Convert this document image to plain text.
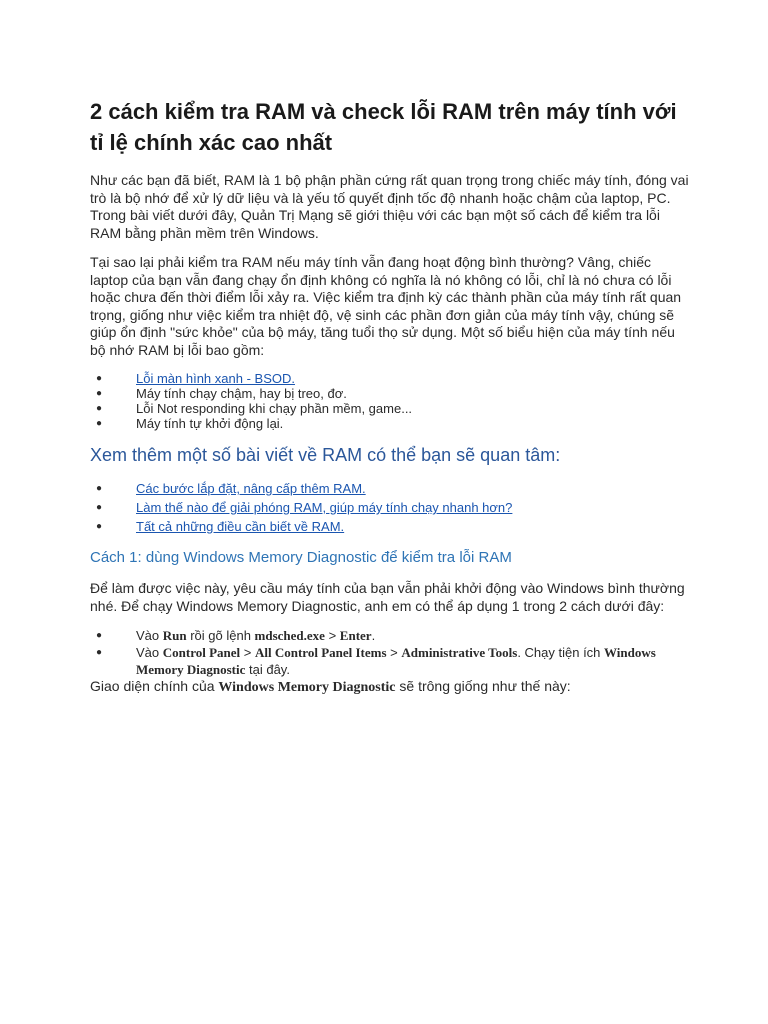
2 cách kiểm tra RAM và check lỗi RAM trên máy tính với tỉ lệ chính xác cao nhất

Như các bạn đã biết, RAM là 1 bộ phận phần cứng rất quan trọng trong chiếc máy tính, đóng vai trò là bộ nhớ để xử lý dữ liệu và là yếu tố quyết định tốc độ nhanh hoặc chậm của laptop, PC. Trong bài viết dưới đây, Quản Trị Mạng sẽ giới thiệu với các bạn một số cách để kiểm tra lỗi RAM bằng phần mềm trên Windows.

Tại sao lại phải kiểm tra RAM nếu máy tính vẫn đang hoạt động bình thường? Vâng, chiếc laptop của bạn vẫn đang chạy ổn định không có nghĩa là nó không có lỗi, chỉ là nó chưa có lỗi hoặc chưa đến thời điểm lỗi xảy ra. Việc kiểm tra định kỳ các thành phần của máy tính rất quan trọng, giống như việc kiểm tra nhiệt độ, vệ sinh các phần đơn giản của máy tính vậy, chúng sẽ giúp ổn định "sức khỏe" của bộ máy, tăng tuổi thọ sử dụng. Một số biểu hiện của máy tính nếu bộ nhớ RAM bị lỗi bao gồm:

●	Lỗi màn hình xanh - BSOD.
●	Máy tính chạy chậm, hay bị treo, đơ.
●	Lỗi Not responding khi chạy phần mềm, game...
●	Máy tính tự khởi động lại.
Xem thêm một số bài viết về RAM có thể bạn sẽ quan tâm:
●	Các bước lắp đặt, nâng cấp thêm RAM.
●	Làm thế nào để giải phóng RAM, giúp máy tính chạy nhanh hơn?
●	Tất cả những điều cần biết về RAM.
Cách 1: dùng Windows Memory Diagnostic để kiểm tra lỗi RAM

Để làm được việc này, yêu cầu máy tính của bạn vẫn phải khởi động vào Windows bình thường nhé. Để chạy Windows Memory Diagnostic, anh em có thể áp dụng 1 trong 2 cách dưới đây:

●	Vào Run rồi gõ lệnh mdsched.exe > Enter.
●	Vào Control Panel > All Control Panel Items > Administrative Tools. Chạy tiện ích Windows Memory Diagnostic tại đây.

Giao diện chính của Windows Memory Diagnostic sẽ trông giống như thế này:
